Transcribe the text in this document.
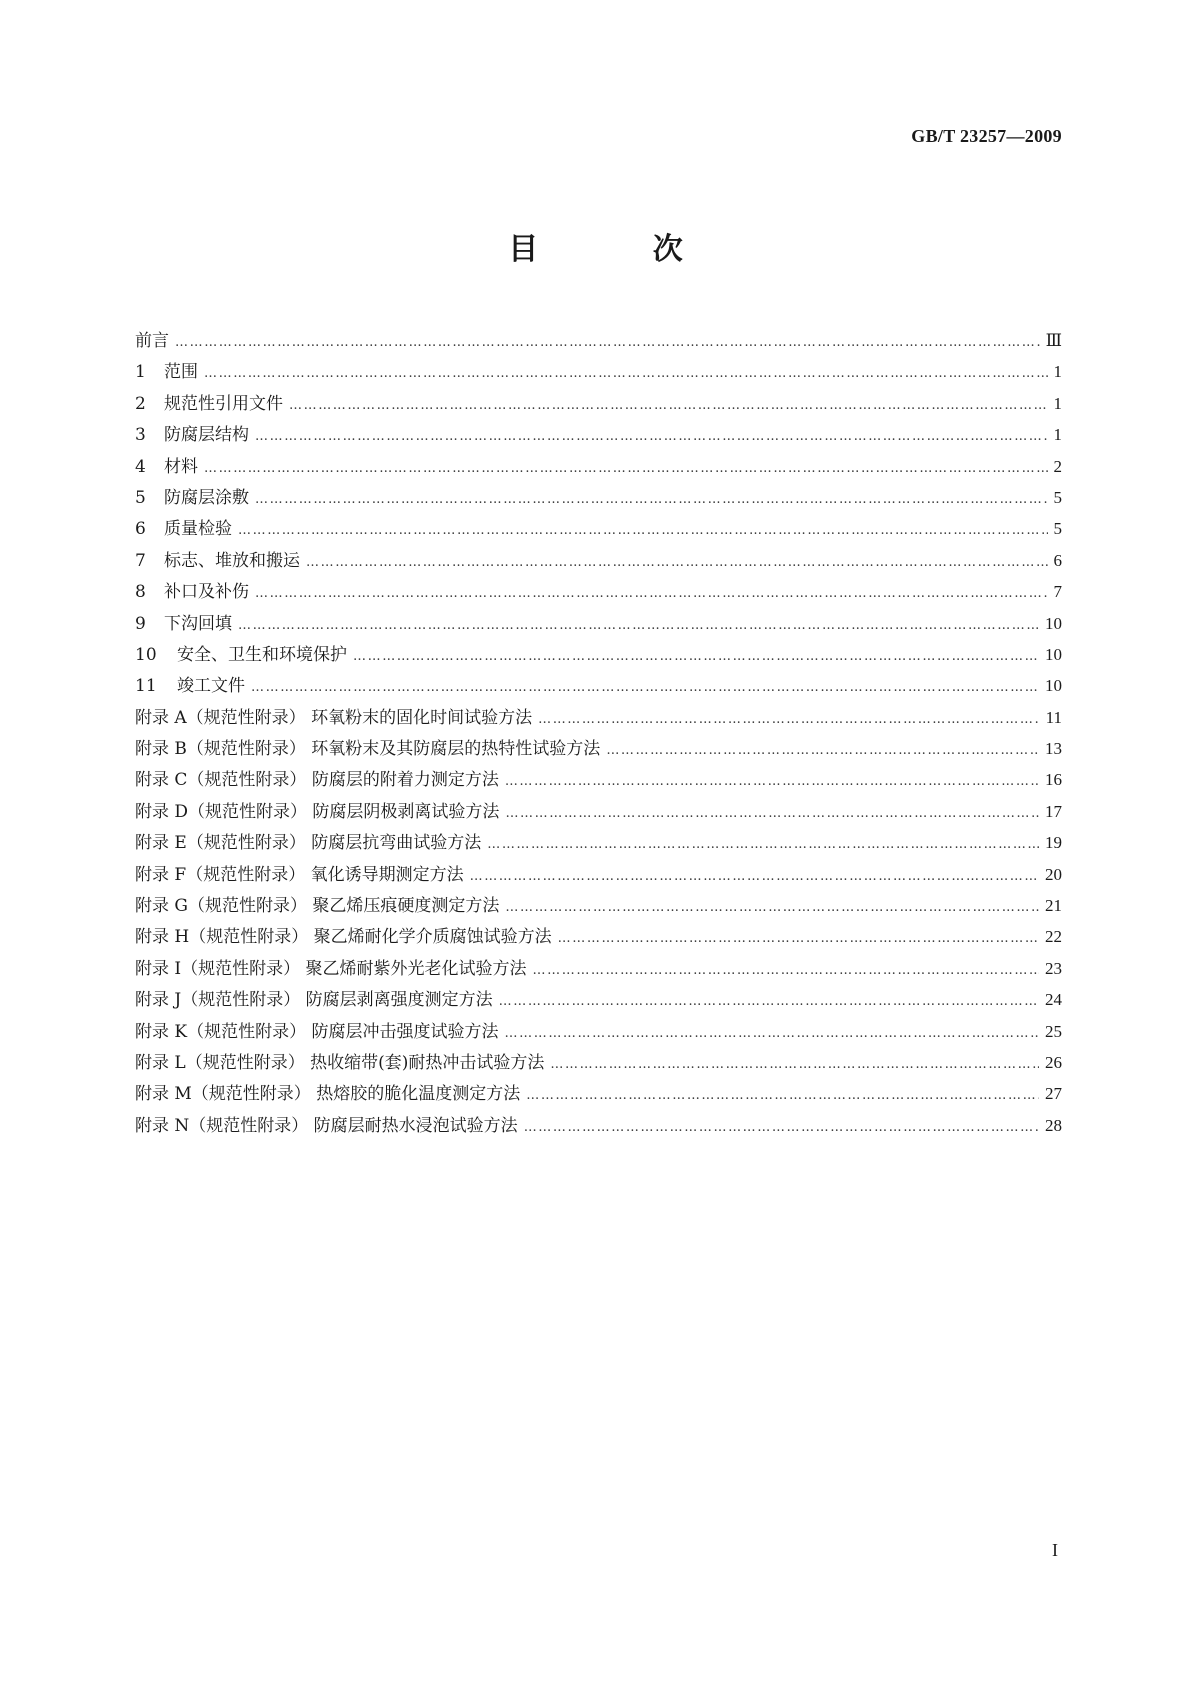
GB/T 23257—2009
目 次
前言 …………………………………………………………………………………………………………………………………………………………………………………………………………………………………………………………	Ⅲ
1	范围 …………………………………………………………………………………………………………………………………………………………………………………………………………………………………………………………	1
2	规范性引用文件 …………………………………………………………………………………………………………………………………………………………………………………………………………………………………………………………	1
3	防腐层结构 …………………………………………………………………………………………………………………………………………………………………………………………………………………………………………………………	1
4	材料 …………………………………………………………………………………………………………………………………………………………………………………………………………………………………………………………	2
5	防腐层涂敷 …………………………………………………………………………………………………………………………………………………………………………………………………………………………………………………………	5
6	质量检验 …………………………………………………………………………………………………………………………………………………………………………………………………………………………………………………………	5
7	标志、堆放和搬运 …………………………………………………………………………………………………………………………………………………………………………………………………………………………………………………………	6
8	补口及补伤 …………………………………………………………………………………………………………………………………………………………………………………………………………………………………………………………	7
9	下沟回填 …………………………………………………………………………………………………………………………………………………………………………………………………………………………………………………………	10
10	安全、卫生和环境保护 …………………………………………………………………………………………………………………………………………………………………………………………………………………………………………………………	10
11	竣工文件 …………………………………………………………………………………………………………………………………………………………………………………………………………………………………………………………	10
附录 A（规范性附录） 环氧粉末的固化时间试验方法 …………………………………………………………………………………………………………………………………………………………………………………………………………………………………………………………	11
附录 B（规范性附录） 环氧粉末及其防腐层的热特性试验方法 …………………………………………………………………………………………………………………………………………………………………………………………………………………………………………………………	13
附录 C（规范性附录） 防腐层的附着力测定方法 …………………………………………………………………………………………………………………………………………………………………………………………………………………………………………………………	16
附录 D（规范性附录） 防腐层阴极剥离试验方法 …………………………………………………………………………………………………………………………………………………………………………………………………………………………………………………………	17
附录 E（规范性附录） 防腐层抗弯曲试验方法 …………………………………………………………………………………………………………………………………………………………………………………………………………………………………………………………	19
附录 F（规范性附录） 氧化诱导期测定方法 …………………………………………………………………………………………………………………………………………………………………………………………………………………………………………………………	20
附录 G（规范性附录） 聚乙烯压痕硬度测定方法 …………………………………………………………………………………………………………………………………………………………………………………………………………………………………………………………	21
附录 H（规范性附录） 聚乙烯耐化学介质腐蚀试验方法 …………………………………………………………………………………………………………………………………………………………………………………………………………………………………………………………	22
附录 I（规范性附录） 聚乙烯耐紫外光老化试验方法 …………………………………………………………………………………………………………………………………………………………………………………………………………………………………………………………	23
附录 J（规范性附录） 防腐层剥离强度测定方法 …………………………………………………………………………………………………………………………………………………………………………………………………………………………………………………………	24
附录 K（规范性附录） 防腐层冲击强度试验方法 …………………………………………………………………………………………………………………………………………………………………………………………………………………………………………………………	25
附录 L（规范性附录） 热收缩带(套)耐热冲击试验方法 …………………………………………………………………………………………………………………………………………………………………………………………………………………………………………………………	26
附录 M（规范性附录） 热熔胶的脆化温度测定方法 …………………………………………………………………………………………………………………………………………………………………………………………………………………………………………………………	27
附录 N（规范性附录） 防腐层耐热水浸泡试验方法 …………………………………………………………………………………………………………………………………………………………………………………………………………………………………………………………	28
I
